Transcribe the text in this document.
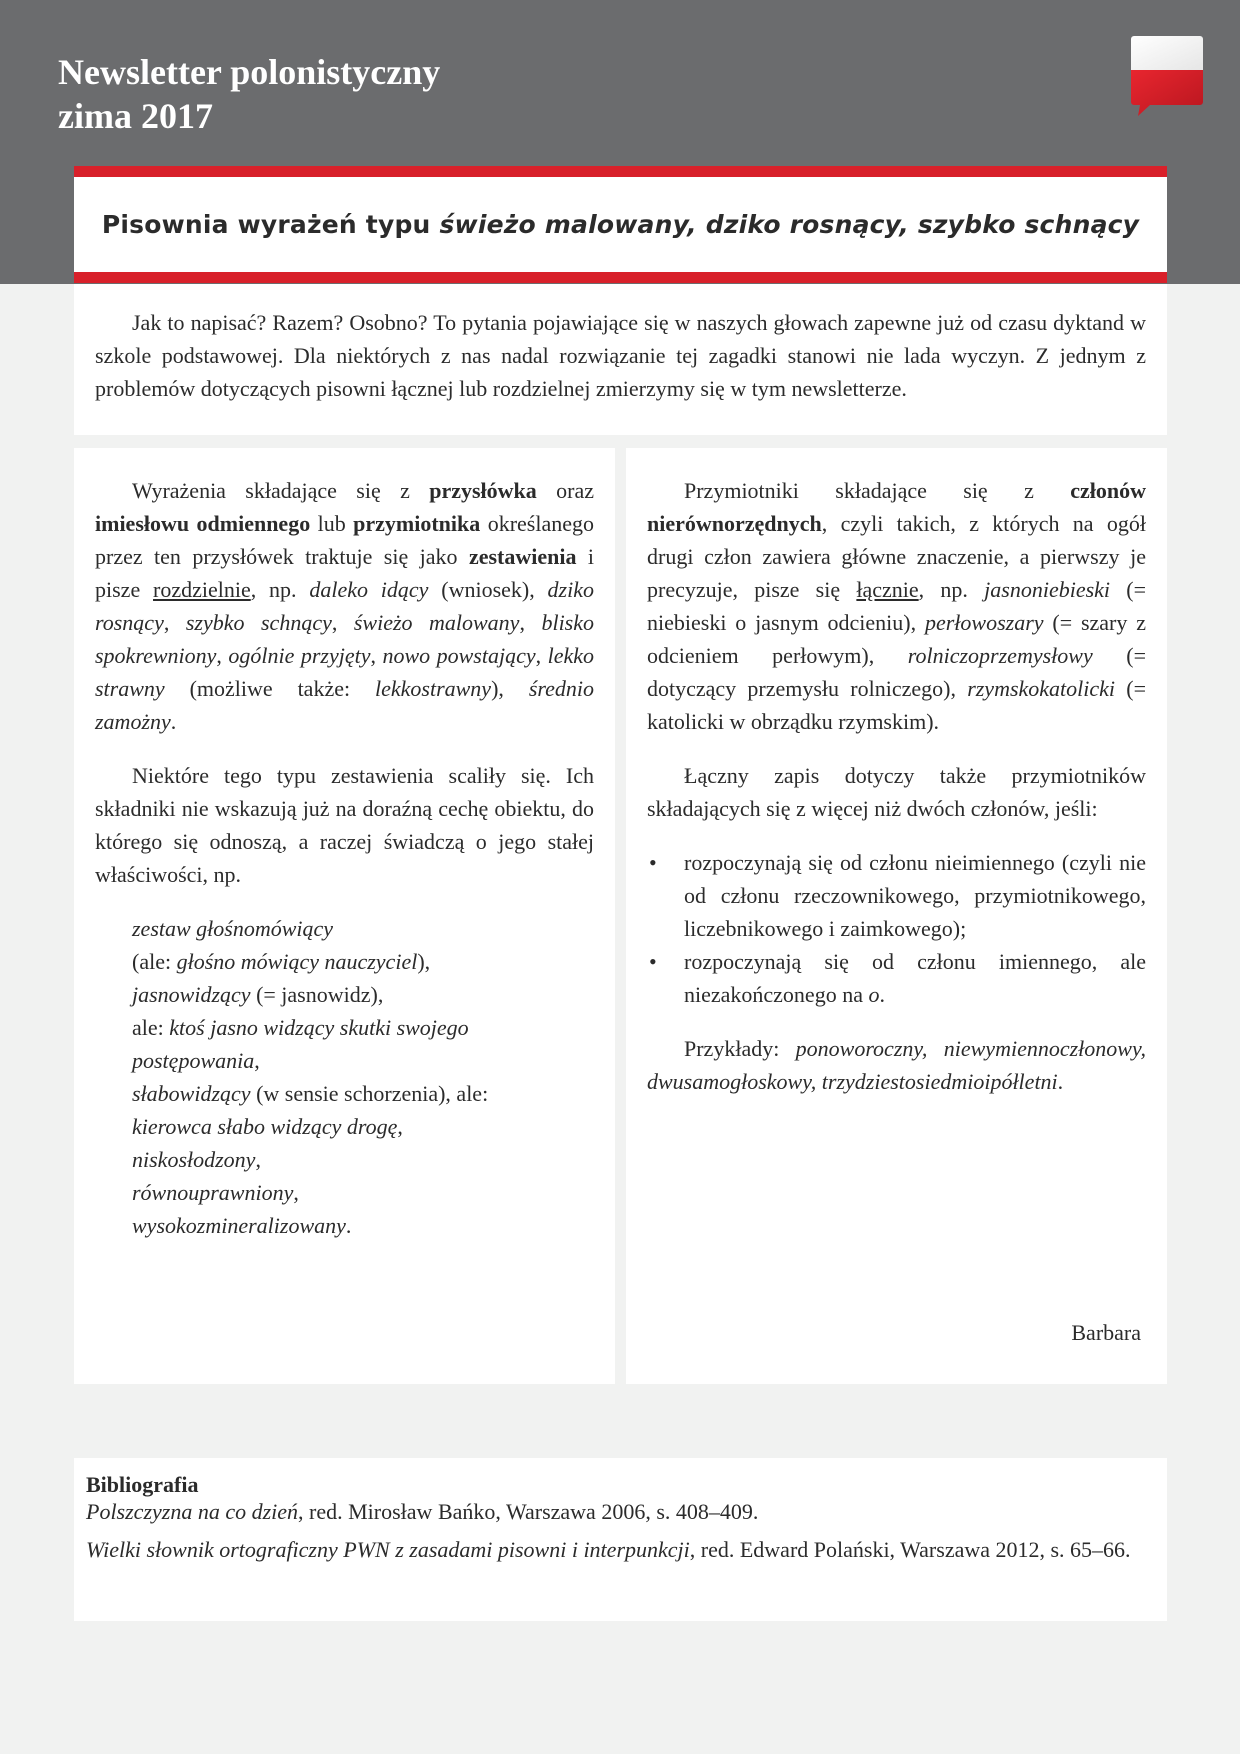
Newsletter polonistyczny
zima 2017
Pisownia wyrażeń typu
świeżo malowany, dziko rosnący, szybko schnący

Jak to napisać? Razem? Osobno? To pytania pojawiające się w naszych głowach zapewne już od czasu dyktand w szkole podstawowej. Dla niektórych z nas nadal rozwiązanie tej zagadki stanowi nie lada wyczyn. Z jednym z problemów dotyczących pisowni łącznej lub rozdzielnej zmierzymy się w tym newsletterze.

Wyrażenia składające się z przysłówka oraz imiesłowu odmiennego lub przymiotnika określanego przez ten przysłówek traktuje się jako zestawienia i pisze rozdzielnie, np. daleko idący (wniosek), dziko rosnący, szybko schnący, świeżo malowany, blisko spokrewniony, ogólnie przyjęty, nowo powstający, lekko strawny (możliwe także: lekkostrawny), średnio zamożny.

Niektóre tego typu zestawienia scaliły się. Ich składniki nie wskazują już na doraźną cechę obiektu, do którego się odnoszą, a raczej świadczą o jego stałej właściwości, np.

zestaw głośnomówiący
(ale: głośno mówiący nauczyciel),
jasnowidzący (= jasnowidz),
ale: ktoś jasno widzący skutki swojego
postępowania,
słabowidzący (w sensie schorzenia), ale:
kierowca słabo widzący drogę,
niskosłodzony,
równouprawniony,
wysokozmineralizowany.

Przymiotniki składające się z członów nierównorzędnych, czyli takich, z których na ogół drugi człon zawiera główne znaczenie, a pierwszy je precyzuje, pisze się łącznie, np. jasnoniebieski (= niebieski o jasnym odcieniu), perłowoszary (= szary z odcieniem perłowym), rolniczoprzemysłowy (= dotyczący przemysłu rolniczego), rzymskokatolicki (= katolicki w obrządku rzymskim).

Łączny zapis dotyczy także przymiotników składających się z więcej niż dwóch członów, jeśli:

• rozpoczynają się od członu nieimiennego (czyli nie od członu rzeczownikowego, przymiotnikowego, liczebnikowego i zaimkowego);
• rozpoczynają się od członu imiennego, ale niezakończonego na o.

Przykłady: ponoworoczny, niewymiennoczłonowy, dwusamogłoskowy, trzydziestosiedmioipółletni.

Barbara
Bibliografia
Polszczyzna na co dzień, red. Mirosław Bańko, Warszawa 2006, s. 408–409.
Wielki słownik ortograficzny PWN z zasadami pisowni i interpunkcji, red. Edward Polański, Warszawa 2012, s. 65–66.
